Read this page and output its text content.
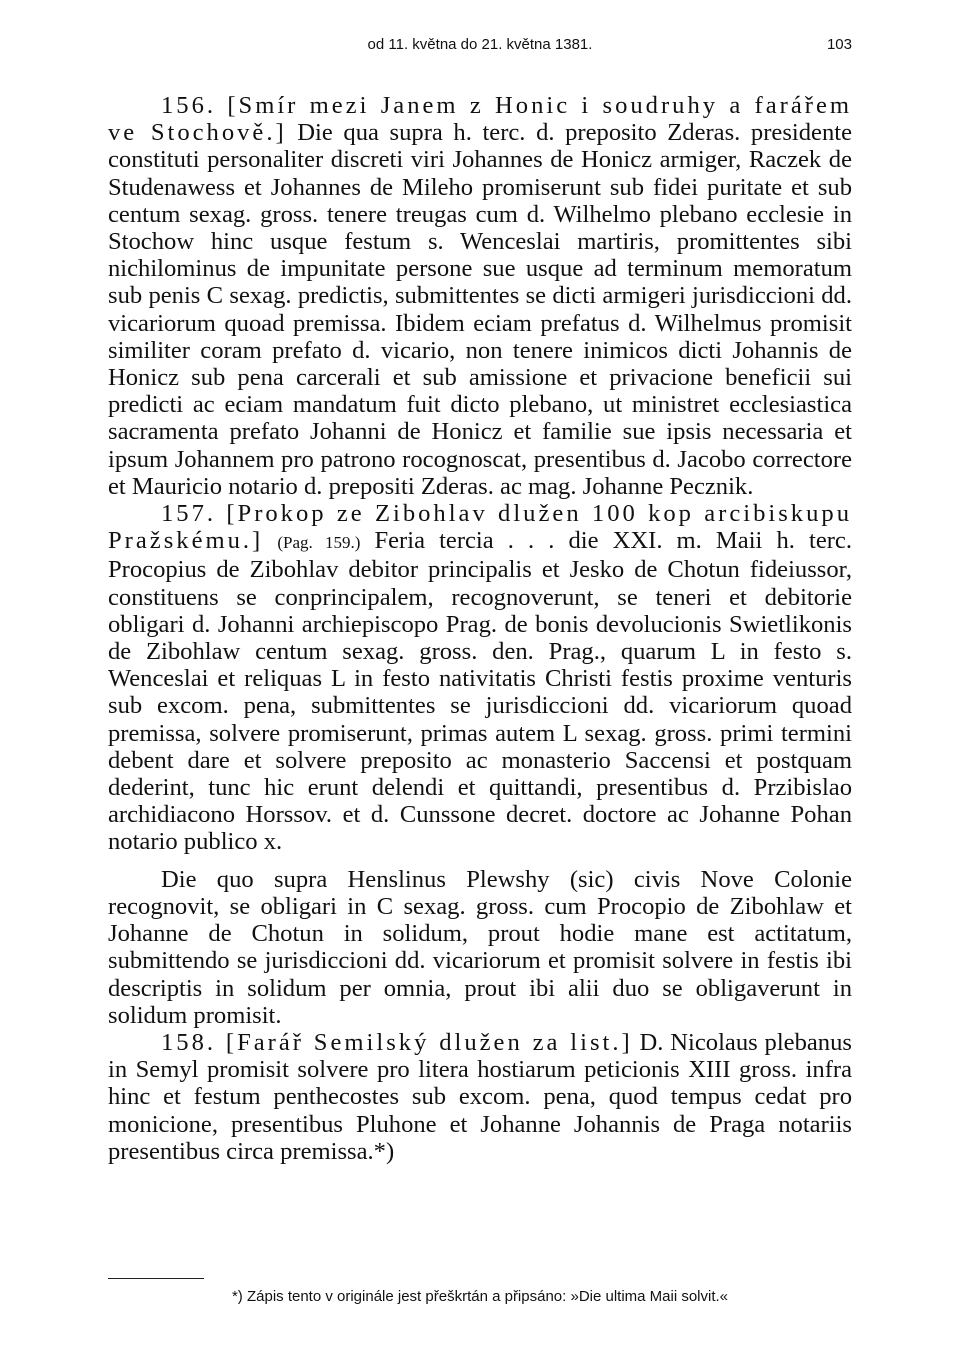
od 11. května do 21. května 1381.	103

156. [Smír mezi Janem z Honic i soudruhy a farářem ve Stochově.] Die qua supra h. terc. d. preposito Zderas. presidente constituti personaliter discreti viri Johannes de Honicz armiger, Raczek de Studenawess et Johannes de Mileho promiserunt sub fidei puritate et sub centum sexag. gross. tenere treugas cum d. Wilhelmo plebano ecclesie in Stochow hinc usque festum s. Wenceslai martiris, promittentes sibi nichilominus de impunitate persone sue usque ad terminum memoratum sub penis C sexag. predictis, submittentes se dicti armigeri jurisdiccioni dd. vicariorum quoad premissa. Ibidem eciam prefatus d. Wilhelmus promisit similiter coram prefato d. vicario, non tenere inimicos dicti Johannis de Honicz sub pena carcerali et sub amissione et privacione beneficii sui predicti ac eciam mandatum fuit dicto plebano, ut ministret ecclesiastica sacramenta prefato Johanni de Honicz et familie sue ipsis necessaria et ipsum Johannem pro patrono rocognoscat, presentibus d. Jacobo correctore et Mauricio notario d. prepositi Zderas. ac mag. Johanne Pecznik.

157. [Prokop ze Zibohlav dlužen 100 kop arcibiskupu Pražskému.] (Pag. 159.) Feria tercia . . . die XXI. m. Maii h. terc. Procopius de Zibohlav debitor principalis et Jesko de Chotun fideiussor, constituens se conprincipalem, recognoverunt, se teneri et debitorie obligari d. Johanni archiepiscopo Prag. de bonis devolucionis Swietlikonis de Zibohlaw centum sexag. gross. den. Prag., quarum L in festo s. Wenceslai et reliquas L in festo nativitatis Christi festis proxime venturis sub excom. pena, submittentes se jurisdiccioni dd. vicariorum quoad premissa, solvere promiserunt, primas autem L sexag. gross. primi termini debent dare et solvere preposito ac monasterio Saccensi et postquam dederint, tunc hic erunt delendi et quittandi, presentibus d. Przibislao archidiacono Horssov. et d. Cunssone decret. doctore ac Johanne Pohan notario publico x.

Die quo supra Henslinus Plewshy (sic) civis Nove Colonie recognovit, se obligari in C sexag. gross. cum Procopio de Zibohlaw et Johanne de Chotun in solidum, prout hodie mane est actitatum, submittendo se jurisdiccioni dd. vicariorum et promisit solvere in festis ibi descriptis in solidum per omnia, prout ibi alii duo se obligaverunt in solidum promisit.

158. [Farář Semilský dlužen za list.] D. Nicolaus plebanus in Semyl promisit solvere pro litera hostiarum peticionis XIII gross. infra hinc et festum penthecostes sub excom. pena, quod tempus cedat pro monicione, presentibus Pluhone et Johanne Johannis de Praga notariis presentibus circa premissa.*)

*) Zápis tento v originále jest přeškrtán a připsáno: »Die ultima Maii solvit.«
